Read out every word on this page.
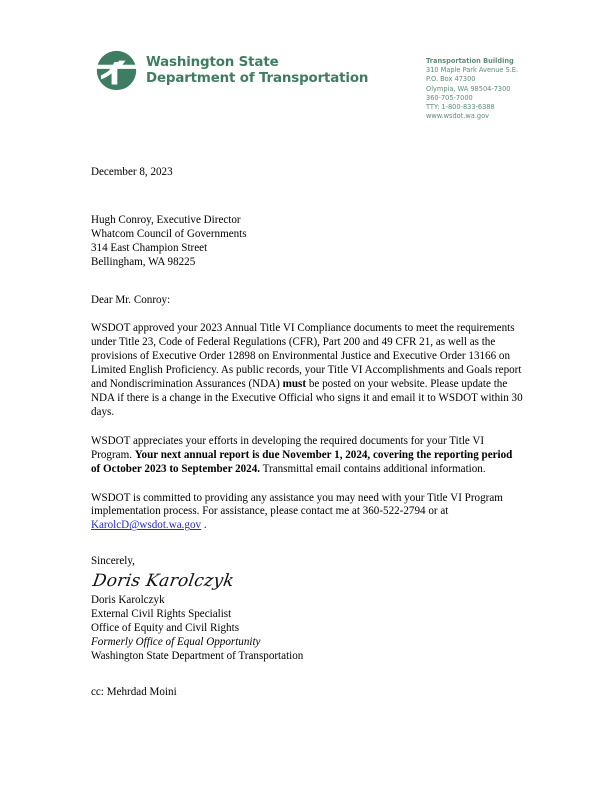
Washington State
Department of Transportation
Transportation Building
310 Maple Park Avenue S.E.
P.O. Box 47300
Olympia, WA 98504-7300
360-705-7000
TTY: 1-800-833-6388
www.wsdot.wa.gov

December 8, 2023

Hugh Conroy, Executive Director
Whatcom Council of Governments
314 East Champion Street
Bellingham, WA 98225

Dear Mr. Conroy:

WSDOT approved your 2023 Annual Title VI Compliance documents to meet the requirements under Title 23, Code of Federal Regulations (CFR), Part 200 and 49 CFR 21, as well as the provisions of Executive Order 12898 on Environmental Justice and Executive Order 13166 on Limited English Proficiency. As public records, your Title VI Accomplishments and Goals report and Nondiscrimination Assurances (NDA) must be posted on your website. Please update the NDA if there is a change in the Executive Official who signs it and email it to WSDOT within 30 days.

WSDOT appreciates your efforts in developing the required documents for your Title VI Program. Your next annual report is due November 1, 2024, covering the reporting period of October 2023 to September 2024. Transmittal email contains additional information.

WSDOT is committed to providing any assistance you may need with your Title VI Program implementation process. For assistance, please contact me at 360-522-2794 or at KarolcD@wsdot.wa.gov .

Sincerely,

Doris Karolczyk

Doris Karolczyk
External Civil Rights Specialist
Office of Equity and Civil Rights
Formerly Office of Equal Opportunity
Washington State Department of Transportation

cc: Mehrdad Moini
